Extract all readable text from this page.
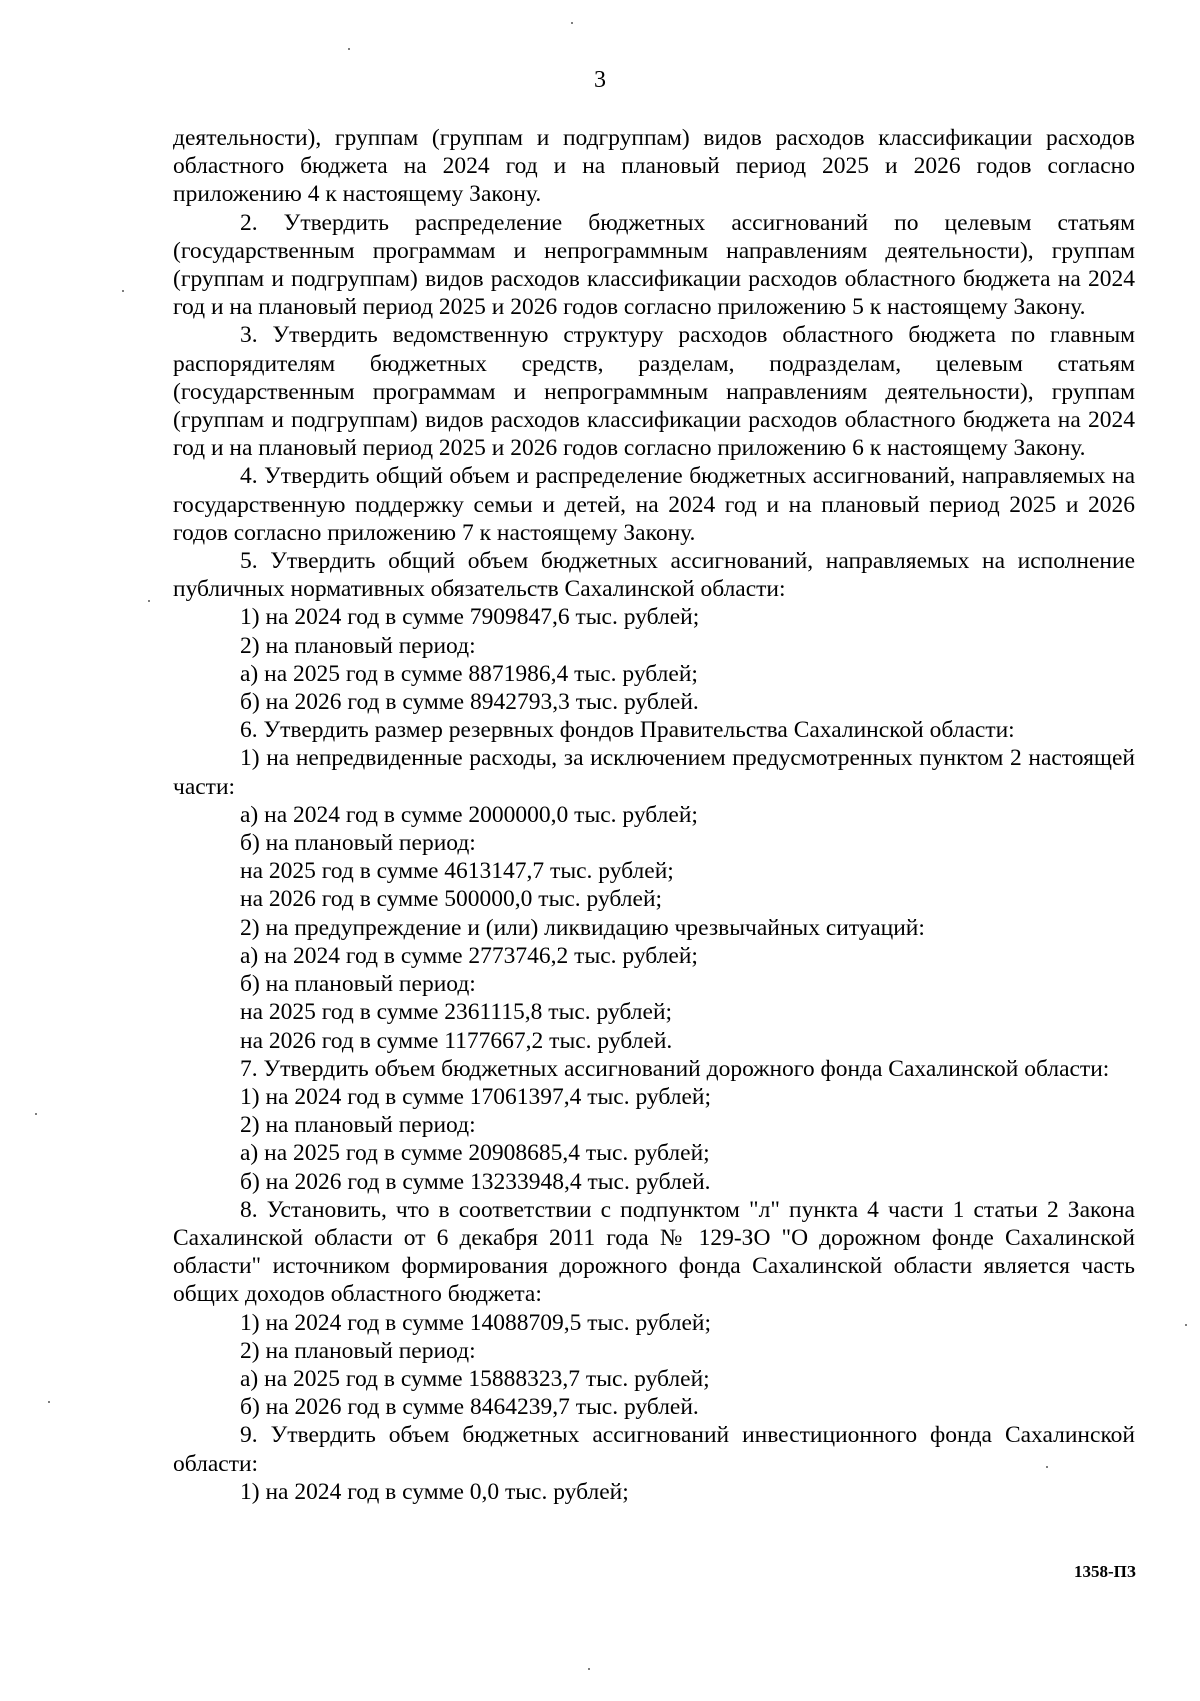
3

деятельности), группам (группам и подгруппам) видов расходов классификации расходов областного бюджета на 2024 год и на плановый период 2025 и 2026 годов согласно приложению 4 к настоящему Закону.

2. Утвердить распределение бюджетных ассигнований по целевым статьям (государственным программам и непрограммным направлениям деятельности), группам (группам и подгруппам) видов расходов классификации расходов областного бюджета на 2024 год и на плановый период 2025 и 2026 годов согласно приложению 5 к настоящему Закону.

3. Утвердить ведомственную структуру расходов областного бюджета по главным распорядителям бюджетных средств, разделам, подразделам, целевым статьям (государственным программам и непрограммным направлениям деятельности), группам (группам и подгруппам) видов расходов классификации расходов областного бюджета на 2024 год и на плановый период 2025 и 2026 годов согласно приложению 6 к настоящему Закону.

4. Утвердить общий объем и распределение бюджетных ассигнований, направляемых на государственную поддержку семьи и детей, на 2024 год и на плановый период 2025 и 2026 годов согласно приложению 7 к настоящему Закону.

5. Утвердить общий объем бюджетных ассигнований, направляемых на исполнение публичных нормативных обязательств Сахалинской области:

1) на 2024 год в сумме 7909847,6 тыс. рублей;

2) на плановый период:

а) на 2025 год в сумме 8871986,4 тыс. рублей;

б) на 2026 год в сумме 8942793,3 тыс. рублей.

6. Утвердить размер резервных фондов Правительства Сахалинской области:

1) на непредвиденные расходы, за исключением предусмотренных пунктом 2 настоящей части:

а) на 2024 год в сумме 2000000,0 тыс. рублей;

б) на плановый период:

на 2025 год в сумме 4613147,7 тыс. рублей;

на 2026 год в сумме 500000,0 тыс. рублей;

2) на предупреждение и (или) ликвидацию чрезвычайных ситуаций:

а) на 2024 год в сумме 2773746,2 тыс. рублей;

б) на плановый период:

на 2025 год в сумме 2361115,8 тыс. рублей;

на 2026 год в сумме 1177667,2 тыс. рублей.

7. Утвердить объем бюджетных ассигнований дорожного фонда Сахалинской области:

1) на 2024 год в сумме 17061397,4 тыс. рублей;

2) на плановый период:

а) на 2025 год в сумме 20908685,4 тыс. рублей;

б) на 2026 год в сумме 13233948,4 тыс. рублей.

8. Установить, что в соответствии с подпунктом "л" пункта 4 части 1 статьи 2 Закона Сахалинской области от 6 декабря 2011 года № 129-ЗО "О дорожном фонде Сахалинской области" источником формирования дорожного фонда Сахалинской области является часть общих доходов областного бюджета:

1) на 2024 год в сумме 14088709,5 тыс. рублей;

2) на плановый период:

а) на 2025 год в сумме 15888323,7 тыс. рублей;

б) на 2026 год в сумме 8464239,7 тыс. рублей.

9. Утвердить объем бюджетных ассигнований инвестиционного фонда Сахалинской области:

1) на 2024 год в сумме 0,0 тыс. рублей;

1358-ПЗ
